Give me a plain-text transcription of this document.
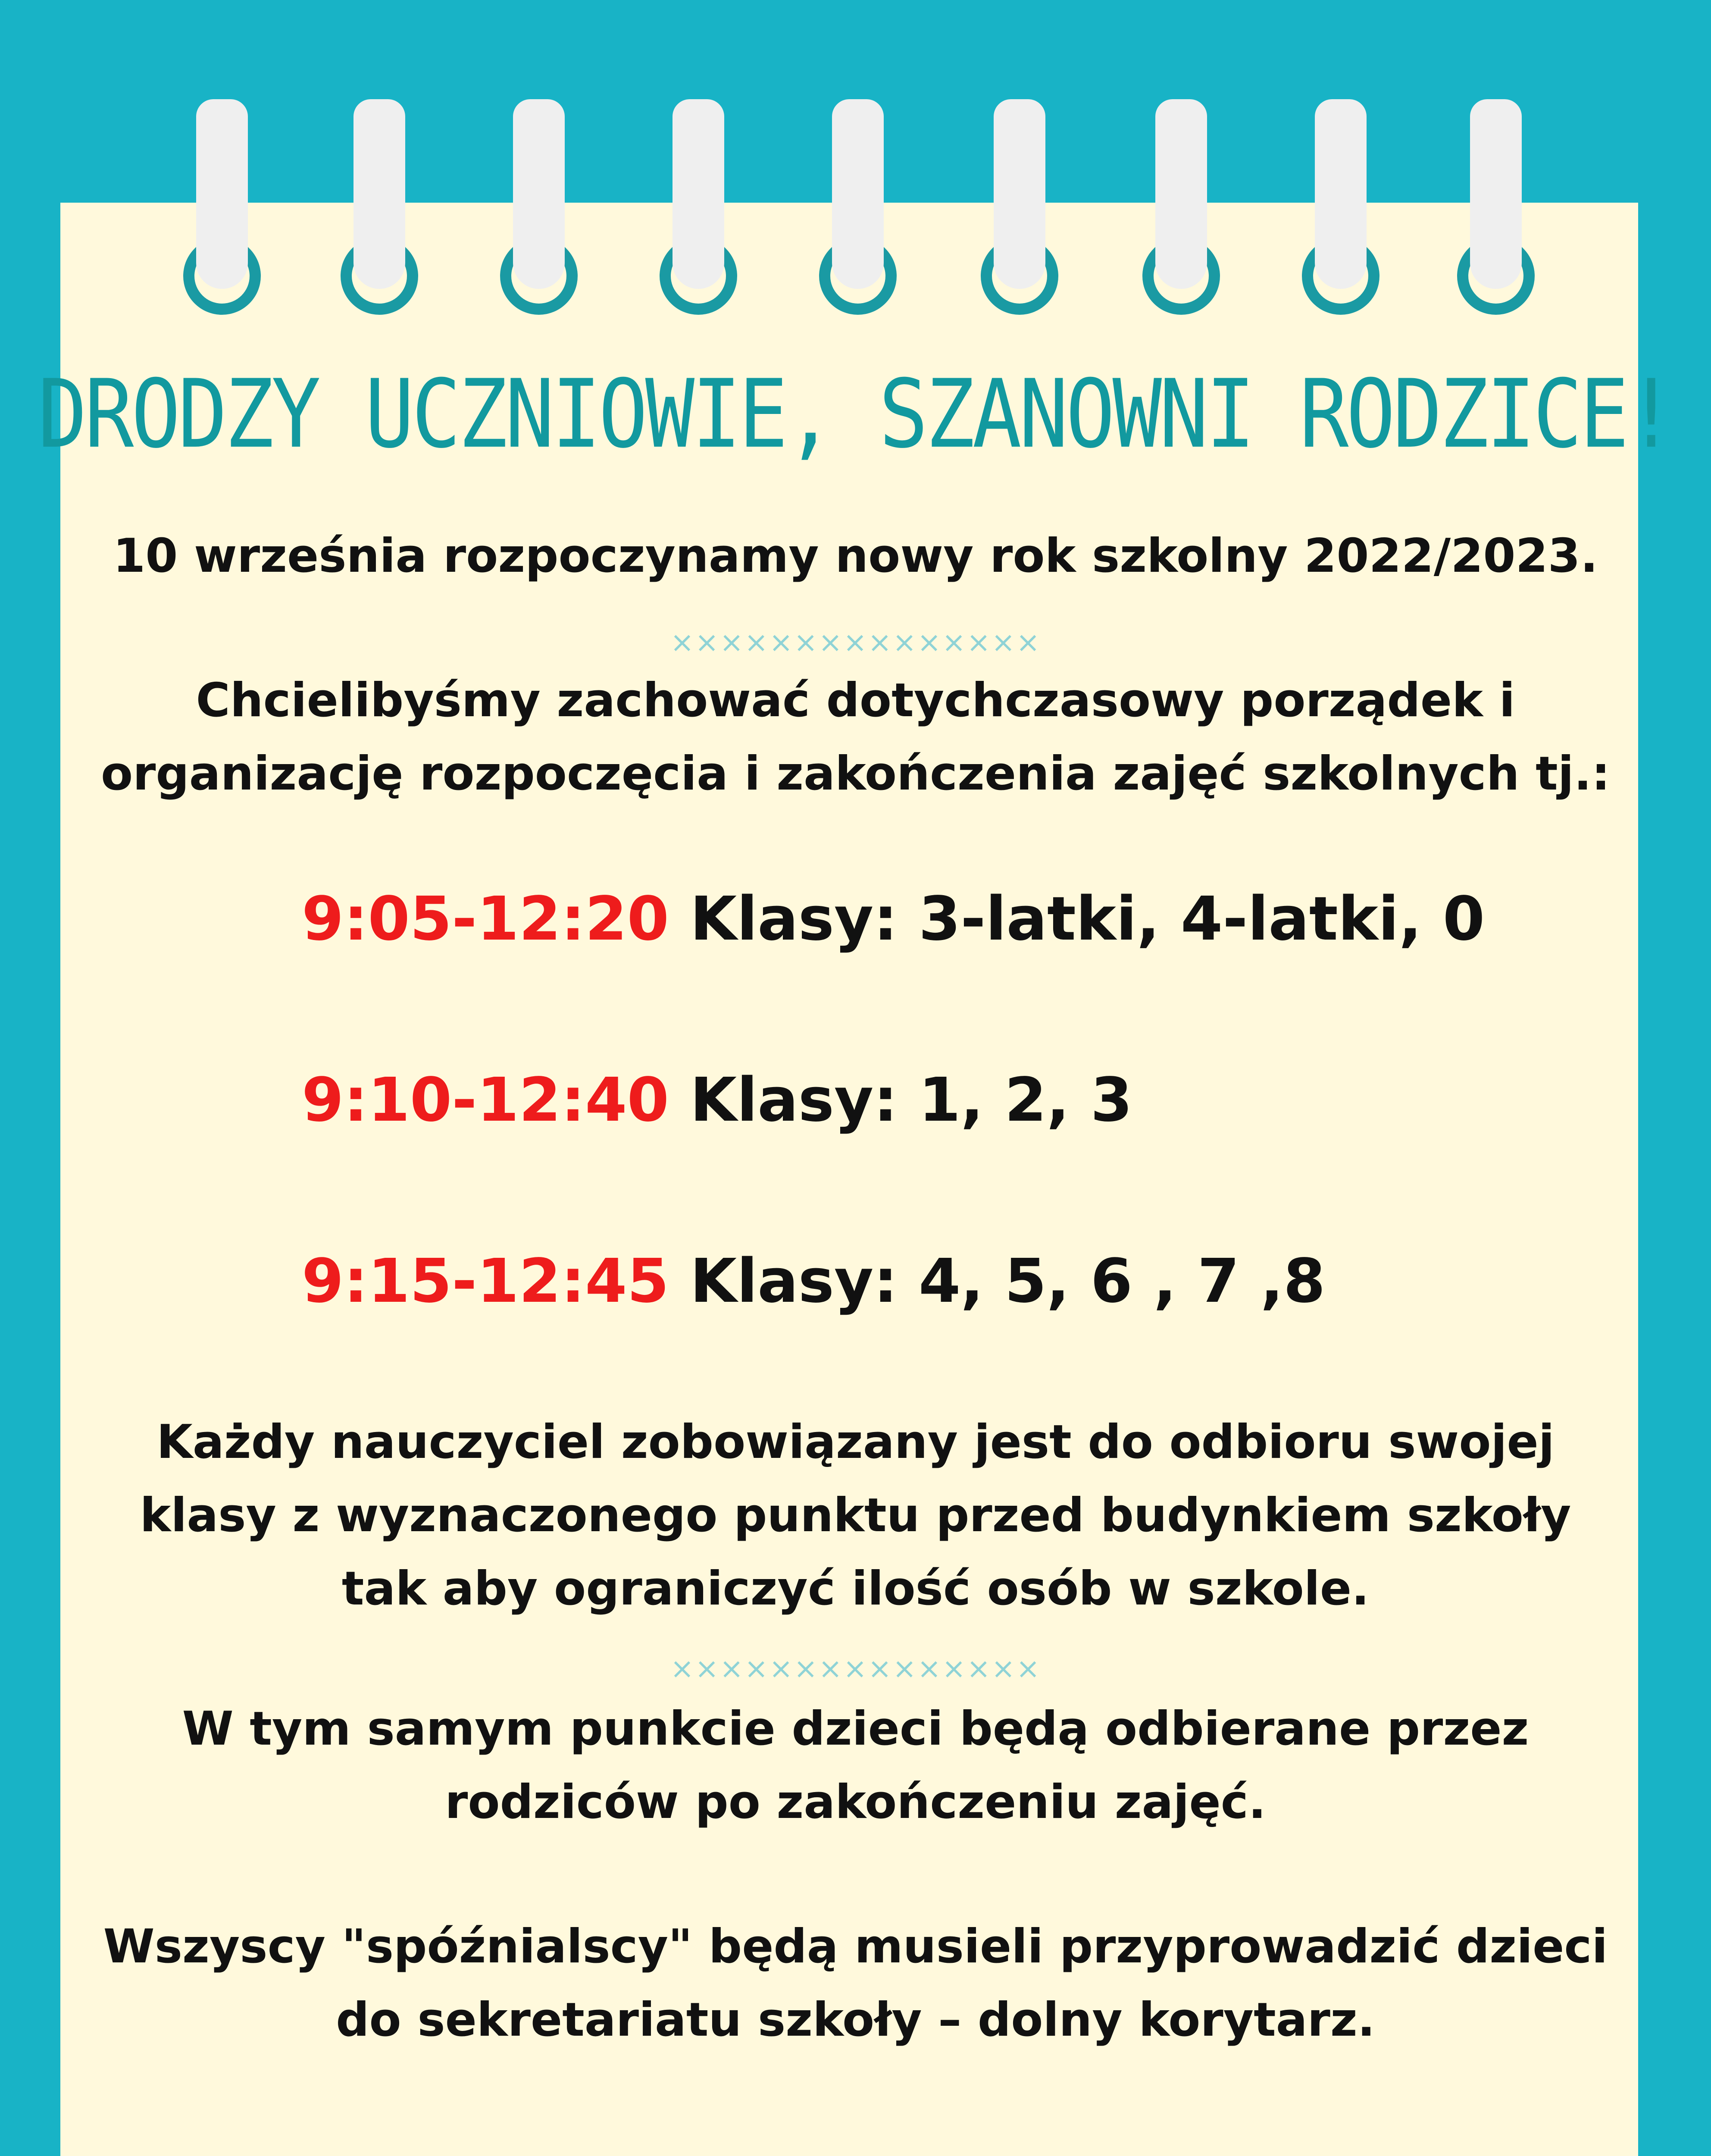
DRODZY UCZNIOWIE, SZANOWNI RODZICE!
10 września rozpoczynamy nowy rok szkolny 2022/2023.
×××××××××××××××
Chcielibyśmy zachować dotychczasowy porządek i
organizację rozpoczęcia i zakończenia zajęć szkolnych tj.:
9:05-12:20 Klasy: 3-latki, 4-latki, 0
9:10-12:40 Klasy: 1, 2, 3
9:15-12:45 Klasy: 4, 5, 6 , 7 ,8
Każdy nauczyciel zobowiązany jest do odbioru swojej
klasy z wyznaczonego punktu przed budynkiem szkoły
tak aby ograniczyć ilość osób w szkole.
×××××××××××××××
W tym samym punkcie dzieci będą odbierane przez
rodziców po zakończeniu zajęć.
Wszyscy "spóźnialscy" będą musieli przyprowadzić dzieci
do sekretariatu szkoły – dolny korytarz.
